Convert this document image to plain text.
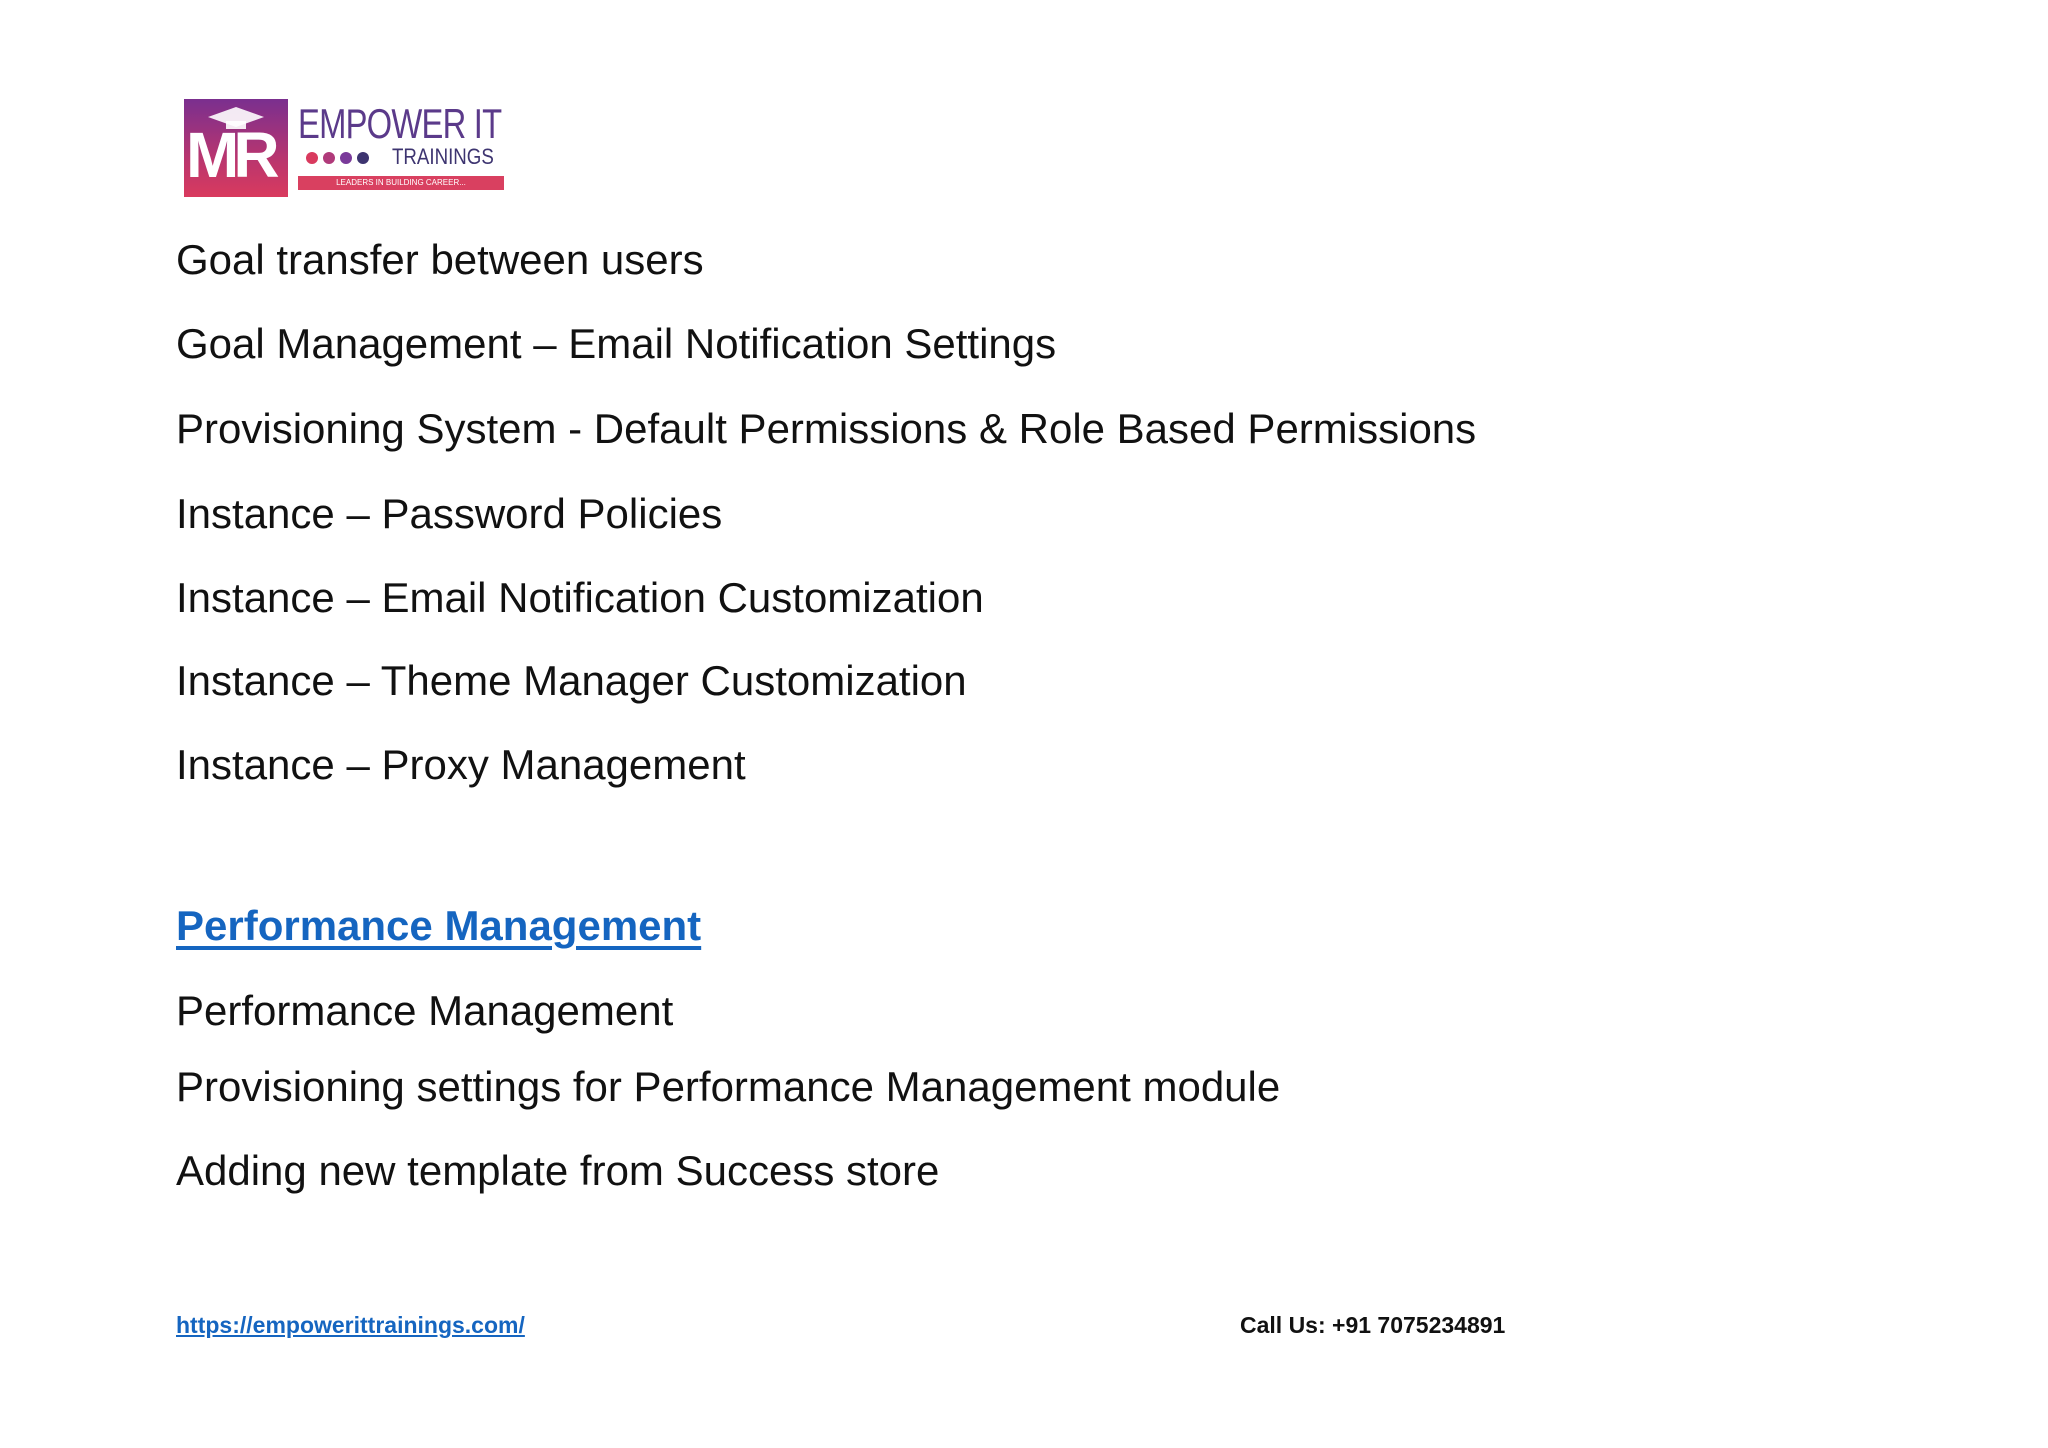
MR EMPOWER IT
TRAININGS
LEADERS IN BUILDING CAREER...

Goal transfer between users

Goal Management – Email Notification Settings

Provisioning System - Default Permissions & Role Based Permissions

Instance – Password Policies

Instance – Email Notification Customization

Instance – Theme Manager Customization

Instance – Proxy Management

Performance Management

Performance Management

Provisioning settings for Performance Management module

Adding new template from Success store

https://empowerittrainings.com/	Call Us: +91 7075234891
